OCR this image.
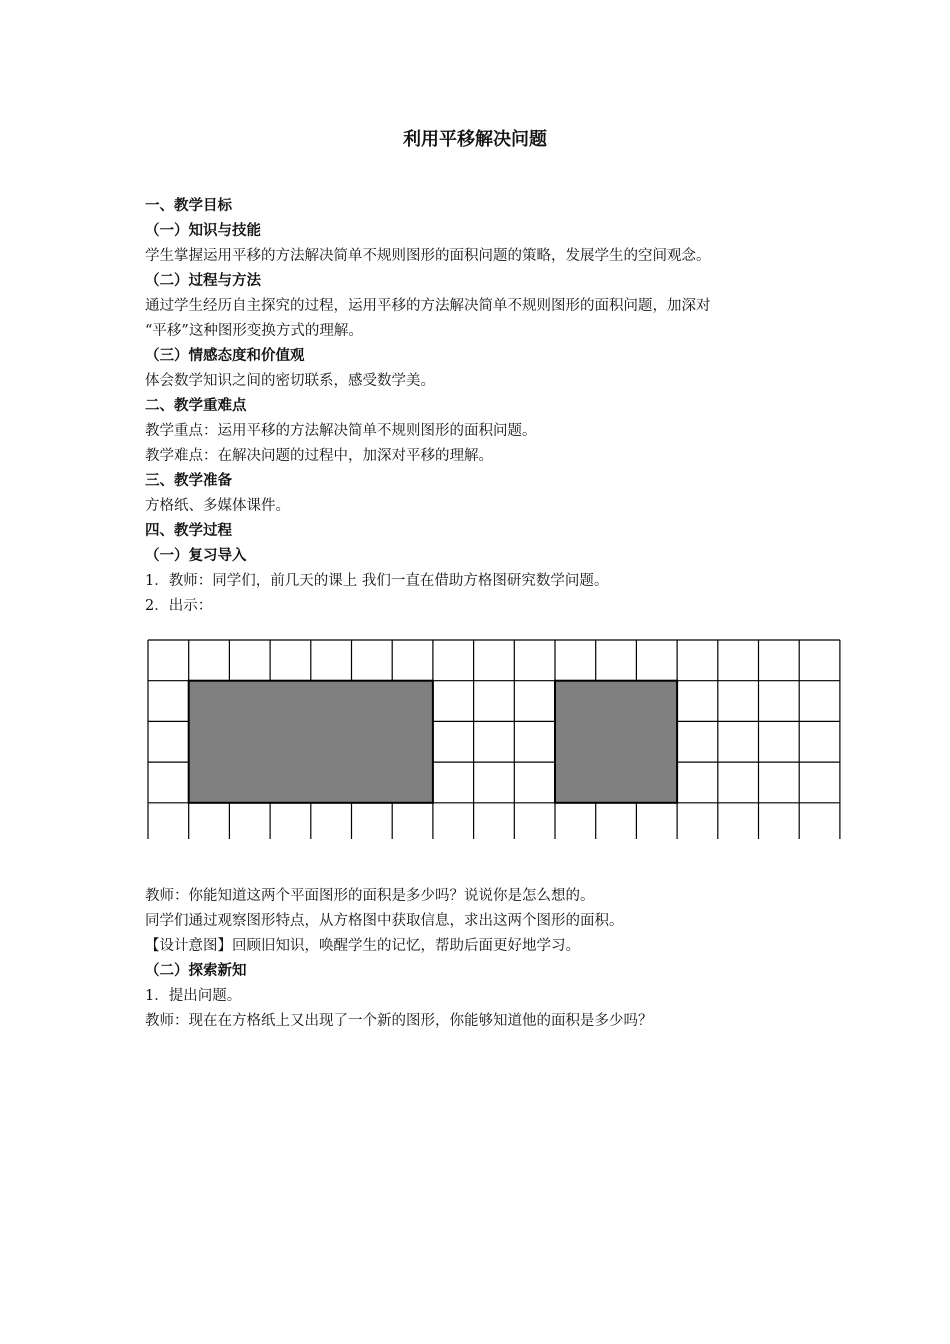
利用平移解决问题
一、教学目标
（一）知识与技能
学生掌握运用平移的方法解决简单不规则图形的面积问题的策略，发展学生的空间观念。
（二）过程与方法
通过学生经历自主探究的过程，运用平移的方法解决简单不规则图形的面积问题，加深对
“平移”这种图形变换方式的理解。
（三）情感态度和价值观
体会数学知识之间的密切联系，感受数学美。
二、教学重难点
教学重点：运用平移的方法解决简单不规则图形的面积问题。
教学难点：在解决问题的过程中，加深对平移的理解。
三、教学准备
方格纸、多媒体课件。
四、教学过程
（一）复习导入
1．教师：同学们，前几天的课上 我们一直在借助方格图研究数学问题。
2．出示：
教师：你能知道这两个平面图形的面积是多少吗？说说你是怎么想的。
同学们通过观察图形特点，从方格图中获取信息，求出这两个图形的面积。
【设计意图】回顾旧知识，唤醒学生的记忆，帮助后面更好地学习。
（二）探索新知
1．提出问题。
教师：现在在方格纸上又出现了一个新的图形，你能够知道他的面积是多少吗？
